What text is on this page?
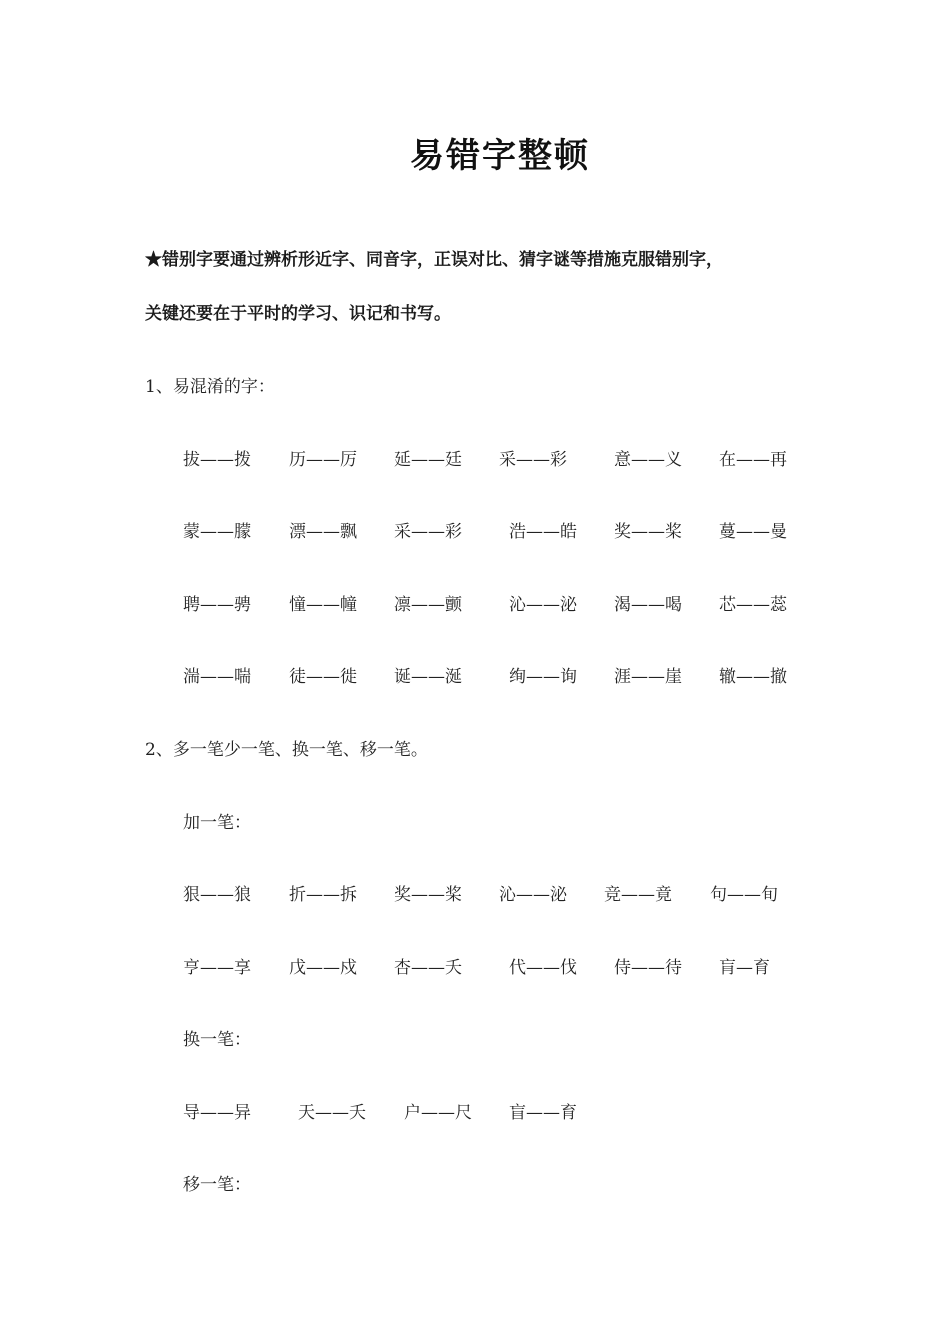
易错字整顿
★错别字要通过辨析形近字、同音字，正误对比、猜字谜等措施克服错别字，
关键还要在于平时的学习、识记和书写。
1、易混淆的字：
拔——拨 历——厉 延——廷 采——彩	意——义 在——再
蒙——朦 漂——飘 采——彩	浩——皓 奖——桨 蔓——曼
聘——骋 憧——幢 凛——颤	沁——泌 渴——喝 芯——蕊
湍——喘 徒——徙 诞——涎	绚——询 涯——崖 辙——撤
2、多一笔少一笔、换一笔、移一笔。
加一笔：
狠——狼 折——拆 奖——桨 沁——泌 竞——竟 句——旬
亨——享 戊——戍 杏——夭	代——伐 侍——待 肓—育
换一笔：
导——异	天——夭 户——尺 盲——育
移一笔：
